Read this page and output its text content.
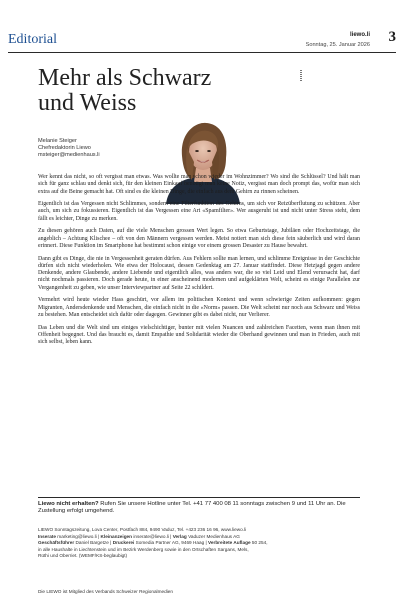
Editorial	liewo.li
Sonntag, 25. Januar 2026 3
Mehr als Schwarz
und Weiss
Melanie Steiger
Chefredaktorin Liewo
msteiger@medienhaus.li

Wer kennt das nicht, so oft vergisst man etwas. Was wollte man schon wieder im Wohnzimmer? Wo sind die Schlüssel? Und hält man sich für ganz schlau und denkt sich, für den kleinen Einkauf benötigt man keine Notiz, vergisst man doch prompt das, wofür man sich extra auf die Beine gemacht hat. Oft sind es die kleinen Dinge, die einfach aus dem Gehirn zu rinnen scheinen.

Eigentlich ist das Vergessen nicht Schlimmes, sondern eine Filterfunktion des Gehirns, um sich vor Reizüberflutung zu schützen. Aber auch, um sich zu fokussieren. Eigentlich ist das Vergessen eine Art «Spamfilter». Wer ausgeruht ist und nicht unter Stress steht, dem fällt es leichter, Dinge zu merken.

Zu diesen gehören auch Daten, auf die viele Menschen grossen Wert legen. So etwa Geburtstage, Jubiläen oder Hochzeitstage, die angeblich – Achtung Klischee – oft von den Männern vergessen werden. Meist notiert man sich diese fein säuberlich und wird daran erinnert. Diese Funktion im Smartphone hat bestimmt schon einige vor einem grossen Desaster zu Hause bewahrt.

Dann gibt es Dinge, die nie in Vergessenheit geraten dürfen. Aus Fehlern sollte man lernen, und schlimme Ereignisse in der Geschichte dürfen sich nicht wiederholen. Wie etwa der Holocaust, dessen Gedenktag am 27. Januar stattfindet. Diese Hetzjagd gegen andere Denkende, andere Glaubende, andere Liebende und eigentlich alles, was anders war, die so viel Leid und Elend verursacht hat, darf nicht nochmals passieren. Doch gerade heute, in einer anscheinend modernen und aufgeklärten Welt, scheint es einige Parallelen zur Vergangenheit zu geben, wie unser Interviewpartner auf Seite 22 schildert.

Vermehrt wird heute wieder Hass geschürt, vor allem im politischen Kontext und wenn schwierige Zeiten aufkommen: gegen Migranten, Andersdenkende und Menschen, die einfach nicht in die «Norm» passen. Die Welt scheint nur noch aus Schwarz und Weiss zu bestehen. Man entscheidet sich dafür oder dagegen. Gewinner gibt es dabei nicht, nur Verlierer.

Das Leben und die Welt sind um einiges vielschichtiger, bunter mit vielen Nuancen und zahlreichen Facetten, wenn man ihnen mit Offenheit begegnet. Und das braucht es, damit Empathie und Solidarität wieder die Oberhand gewinnen und man in Frieden, auch mit sich selbst, leben kann.

Liewo nicht erhalten? Rufen Sie unsere Hotline unter Tel. +41 77 400 08 11 sonntags zwischen 9 und 11 Uhr an. Die Zustellung erfolgt umgehend.
LIEWO Sonntagszeitung, Lova Center, Postfach 884, 9490 Vaduz, Tel. +423 236 16 96, www.liewo.li
Inserate marketing@liewo.li | Kleinanzeigen inserate@liewo.li | Verlag Vaduzer Medienhaus AG
Geschäftsführer Daniel Bargetze | Druckerei Somedia Partner AG, 9469 Haag | Verbreitete Auflage 50 254,
in alle Haushalte in Liechtenstein und im Bezirk Werdenberg sowie in den Ortschaften Sargans, Mels,
Rüthi und Oberriet. (WEMF/KS-beglaubigt)
Die LIEWO ist Mitglied des Verbands Schweizer Regionalmedien
